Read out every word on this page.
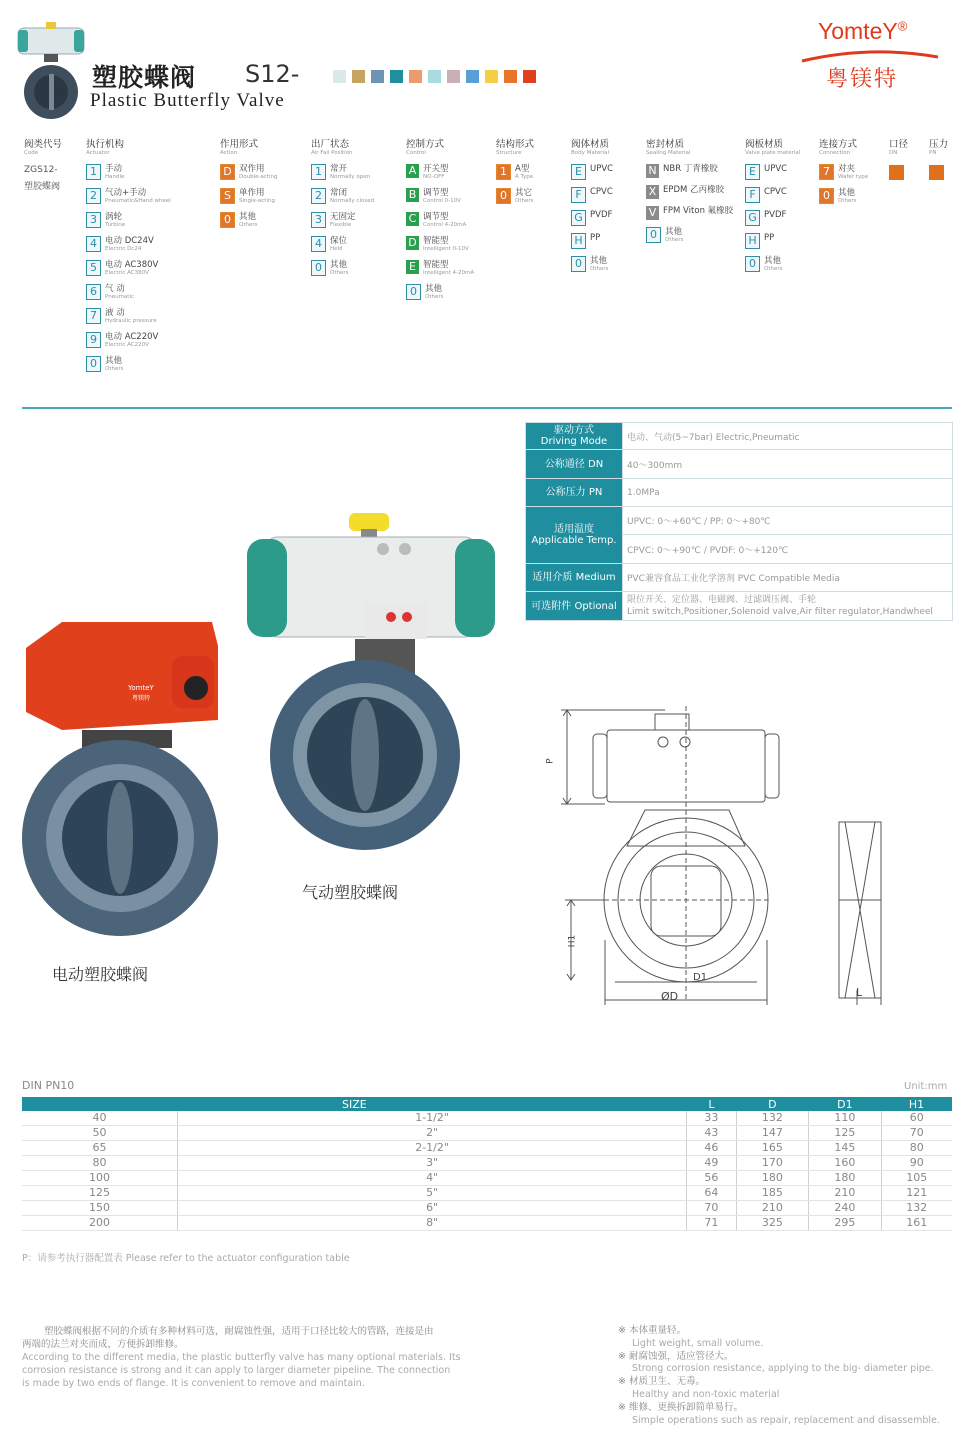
塑胶蝶阀 S12-
Plastic Butterfly Valve
YomteY®
粤镁特
阀类代号
Code
ZGS12-
塑胶蝶阀
执行机构
Actuator
1 手动
Handle
2 气动+手动
Pneumatic&Hand wheel
3 涡轮
Turbine
4 电动 DC24V
Electric Dc24
5 电动 AC380V
Electric AC380V
6 气 动
Pneumatic
7 液 动
Hydraulic pressure
9 电动 AC220V
Electric AC220V
0 其他
Others
作用形式
Action
D 双作用
Double-acting
S 单作用
Single-acting
0 其他
Others
出厂状态
Air Fail Position
1 常开
Normally open
2 常闭
Normally closed
3 无固定
Flexible
4 保位
Held
0 其他
Others
控制方式
Control
A 开关型
NO-OFF
B 调节型
Control 0-10V
C 调节型
Control 4-20mA
D 智能型
Intelligent 0-10V
E 智能型
Intelligent 4-20mA
0 其他
Others
结构形式
Structure
1 A型
A Type
0 其它
Others
阀体材质
Body Material
E UPVC
F CPVC
G PVDF
H PP
0 其他
Others
密封材质
Sealing Material
N NBR 丁青橡胶
X EPDM 乙丙橡胶
V FPM Viton 氟橡胶
0 其他
Others
阀板材质
Valve plate material
E UPVC
F CPVC
G PVDF
H PP
0 其他
Others
连接方式
Connection
7 对夹
Wafer type
0 其他
Others
口径
DN
压力
PN
驱动方式
Driving Mode	电动、气动(5~7bar) Electric,Pneumatic
公称通径 DN	40～300mm
公称压力 PN	1.0MPa

适用温度
Applicable Temp.	UPVC: 0～+60℃ / PP: 0～+80℃
	CPVC: 0～+90℃ / PVDF: 0～+120℃
适用介质 Medium	PVC兼容食品工业化学溶剂 PVC Compatible Media
可选附件 Optional	限位开关、定位器、电磁阀、过滤调压阀、手轮
Limit switch,Positioner,Solenoid valve,Air filter regulator,Handwheel
气动塑胶蝶阀
YomteY
粤镁特
电动塑胶蝶阀
P
H1
D1
ØD	L
DIN PN10	Unit:mm
SIZE		L	D	D1	H1
40	1-1/2"	33	132	110	60
50	2"	43	147	125	70
65	2-1/2"	46	165	145	80
80	3"	49	170	160	90
100	4"	56	180	180	105
125	5"	64	185	210	121
150	6"	70	210	240	132
200	8"	71	325	295	161
P：请参考执行器配置表 Please refer to the actuator configuration table
塑胶蝶阀根据不同的介质有多种材料可选，耐腐蚀性强，适用于口径比较大的管路，连接是由
两端的法兰对夹而成，方便拆卸维修。
According to the different media, the plastic butterfly valve has many optional materials. Its
corrosion resistance is strong and it can apply to larger diameter pipeline. The connection
is made by two ends of flange. It is convenient to remove and maintain.
※ 本体重量轻。
Light weight, small volume.
※ 耐腐蚀强，适应管径大。
Strong corrosion resistance, applying to the big- diameter pipe.
※ 材质卫生、无毒。
Healthy and non-toxic material
※ 维修、更换拆卸简单易行。
Simple operations such as repair, replacement and disassemble.
